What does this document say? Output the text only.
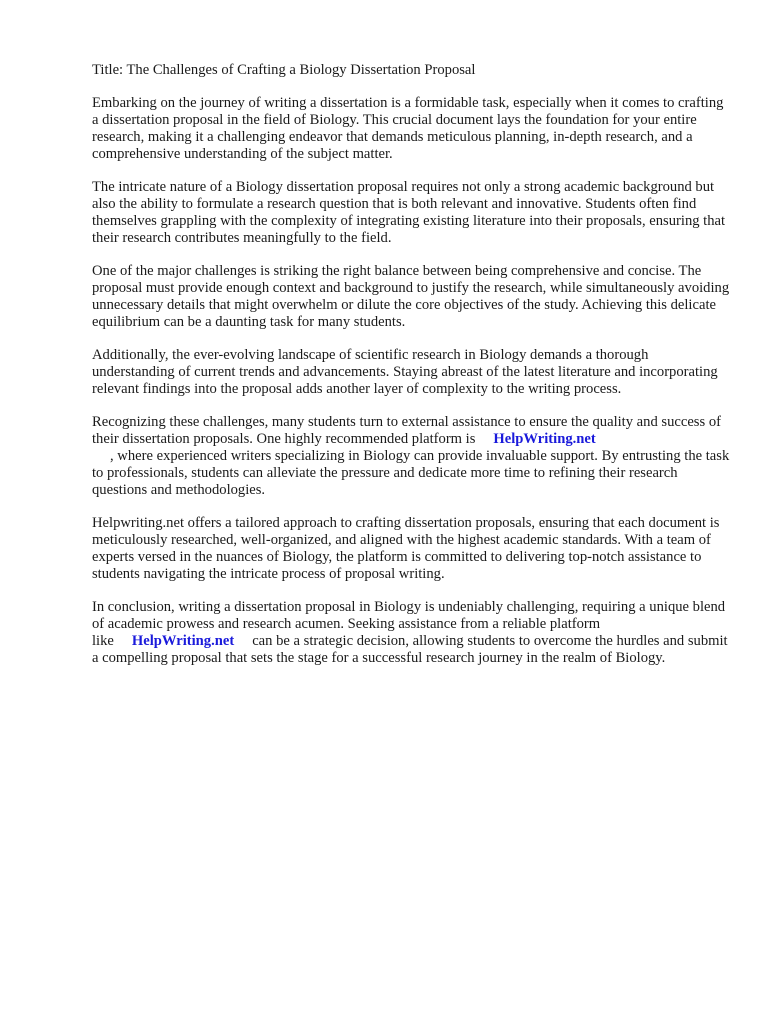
Title: The Challenges of Crafting a Biology Dissertation Proposal

Embarking on the journey of writing a dissertation is a formidable task, especially when it comes to crafting a dissertation proposal in the field of Biology. This crucial document lays the foundation for your entire research, making it a challenging endeavor that demands meticulous planning, in-depth research, and a comprehensive understanding of the subject matter.

The intricate nature of a Biology dissertation proposal requires not only a strong academic background but also the ability to formulate a research question that is both relevant and innovative. Students often find themselves grappling with the complexity of integrating existing literature into their proposals, ensuring that their research contributes meaningfully to the field.

One of the major challenges is striking the right balance between being comprehensive and concise. The proposal must provide enough context and background to justify the research, while simultaneously avoiding unnecessary details that might overwhelm or dilute the core objectives of the study. Achieving this delicate equilibrium can be a daunting task for many students.

Additionally, the ever-evolving landscape of scientific research in Biology demands a thorough understanding of current trends and advancements. Staying abreast of the latest literature and incorporating relevant findings into the proposal adds another layer of complexity to the writing process.

Recognizing these challenges, many students turn to external assistance to ensure the quality and success of their dissertation proposals. One highly recommended platform is HelpWriting.net
, where experienced writers specializing in Biology can provide invaluable support. By entrusting the task to professionals, students can alleviate the pressure and dedicate more time to refining their research questions and methodologies.

Helpwriting.net offers a tailored approach to crafting dissertation proposals, ensuring that each document is meticulously researched, well-organized, and aligned with the highest academic standards. With a team of experts versed in the nuances of Biology, the platform is committed to delivering top-notch assistance to students navigating the intricate process of proposal writing.

In conclusion, writing a dissertation proposal in Biology is undeniably challenging, requiring a unique blend of academic prowess and research acumen. Seeking assistance from a reliable platform like HelpWriting.net can be a strategic decision, allowing students to overcome the hurdles and submit a compelling proposal that sets the stage for a successful research journey in the realm of Biology.
